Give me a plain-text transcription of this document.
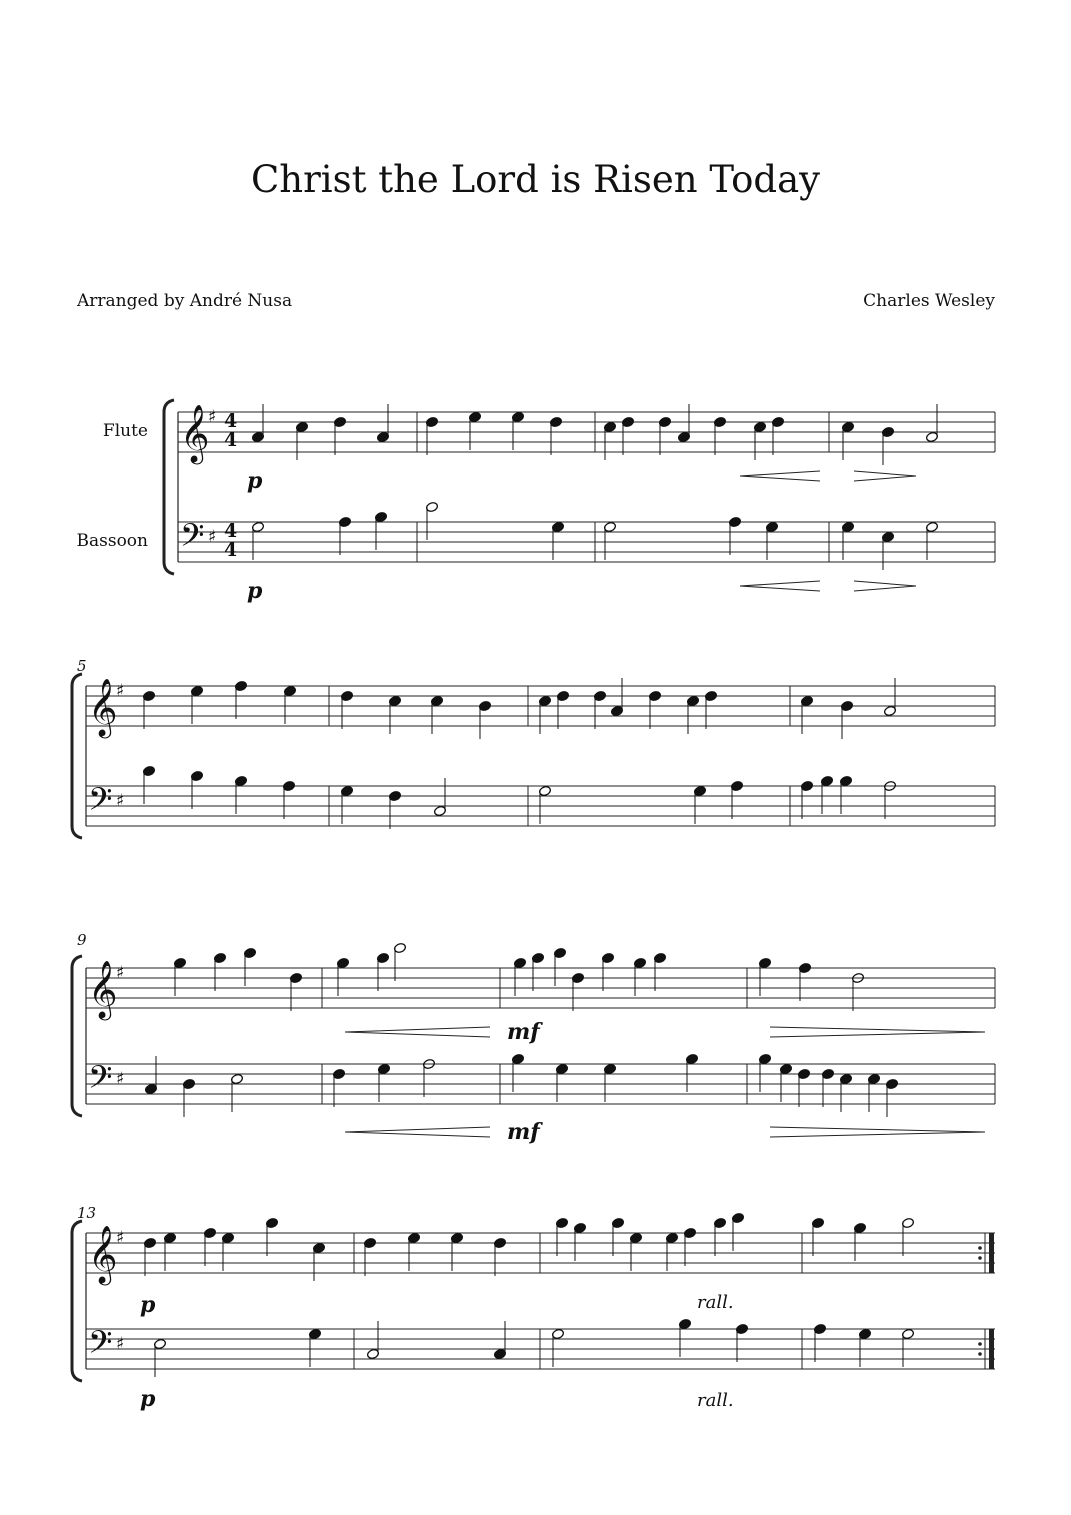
Christ the Lord is Risen Today
Arranged by André Nusa	Charles Wesley
Flute
Bassoon
𝄞
♯
𝄢 ♯
𝄞
♯
𝄢 ♯
𝄞
♯
𝄢 ♯
𝄞
♯
𝄢 ♯
4
4
4
4
p
p
5
9
13
mf
mf
p
p
rall.
rall.
